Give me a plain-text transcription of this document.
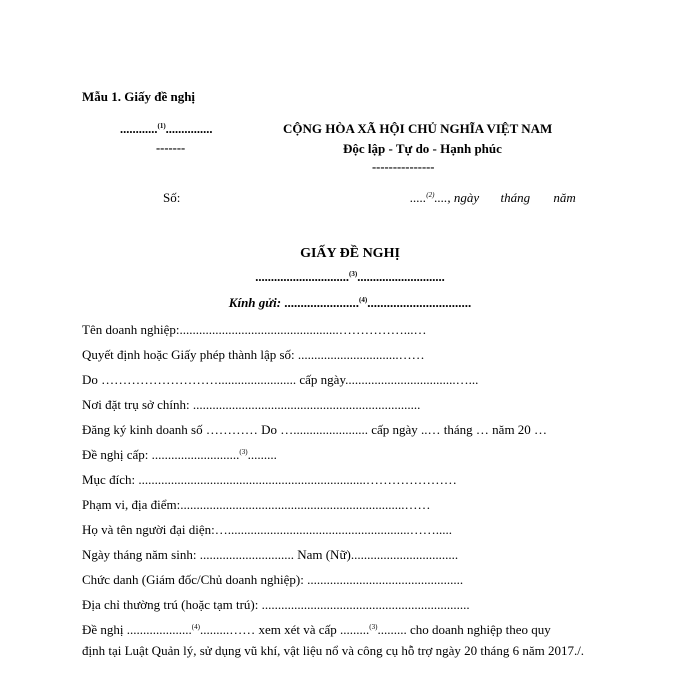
Mẫu 1. Giấy đề nghị
............$^{(1)}$...............
-------
CỘNG HÒA XÃ HỘI CHỦ NGHĨA VIỆT NAM
Độc lập - Tự do - Hạnh phúc
---------------
Số:	.....$^{(2)}$...., ngày tháng năm
GIẤY ĐỀ NGHỊ
..............................$^{(3)}$............................
Kính gửi: .......................$^{(4)}$................................
Tên doanh nghiệp:.................................................……………...…
Quyết định hoặc Giấy phép thành lập số: ...............................……
Do ………………………........................ cấp ngày..................................…...
Nơi đặt trụ sở chính: ......................................................................
Đăng ký kinh doanh số ………… Do …....................... cấp ngày ..… tháng … năm 20 …
Đề nghị cấp: ...........................$^{(3)}$.........
Mục đích: ......................................................................…………………
Phạm vi, địa điểm:.....................................................................……
Họ và tên người đại diện:…........................................................…….....
Ngày tháng năm sinh: ............................. Nam (Nữ).................................
Chức danh (Giám đốc/Chủ doanh nghiệp): ................................................
Địa chỉ thường trú (hoặc tạm trú): ................................................................
Đề nghị ....................$^{(4)}$.........…… xem xét và cấp .........$^{(3)}$......... cho doanh nghiệp theo quy
định tại Luật Quản lý, sử dụng vũ khí, vật liệu nổ và công cụ hỗ trợ ngày 20 tháng 6 năm 2017./.
